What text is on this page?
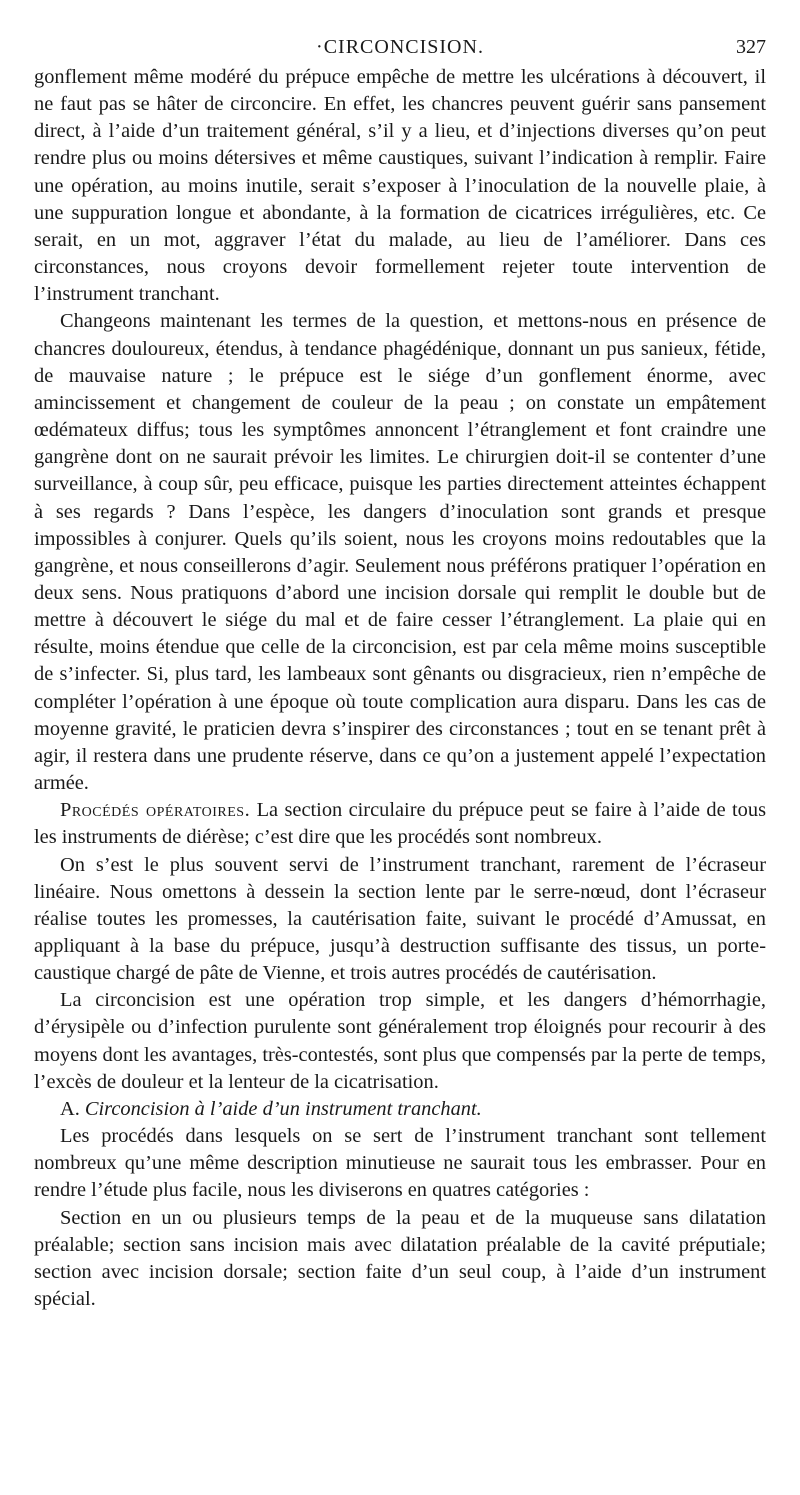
·CIRCONCISION.	327

gonflement même modéré du prépuce empêche de mettre les ulcérations à découvert, il ne faut pas se hâter de circoncire. En effet, les chancres peuvent guérir sans pansement direct, à l’aide d’un traitement général, s’il y a lieu, et d’injections diverses qu’on peut rendre plus ou moins détersives et même caustiques, suivant l’indication à remplir. Faire une opération, au moins inutile, serait s’exposer à l’inoculation de la nouvelle plaie, à une suppuration longue et abondante, à la formation de cicatrices irrégulières, etc. Ce serait, en un mot, aggraver l’état du malade, au lieu de l’améliorer. Dans ces circonstances, nous croyons devoir formellement rejeter toute intervention de l’instrument tranchant.

Changeons maintenant les termes de la question, et mettons-nous en présence de chancres douloureux, étendus, à tendance phagédénique, donnant un pus sanieux, fétide, de mauvaise nature ; le prépuce est le siége d’un gonflement énorme, avec amincissement et changement de couleur de la peau ; on constate un empâtement œdémateux diffus; tous les symptômes annoncent l’étranglement et font craindre une gangrène dont on ne saurait prévoir les limites. Le chirurgien doit-il se contenter d’une surveillance, à coup sûr, peu efficace, puisque les parties directement atteintes échappent à ses regards ? Dans l’espèce, les dangers d’inoculation sont grands et presque impossibles à conjurer. Quels qu’ils soient, nous les croyons moins redoutables que la gangrène, et nous conseillerons d’agir. Seulement nous préférons pratiquer l’opération en deux sens. Nous pratiquons d’abord une incision dorsale qui remplit le double but de mettre à découvert le siége du mal et de faire cesser l’étranglement. La plaie qui en résulte, moins étendue que celle de la circoncision, est par cela même moins susceptible de s’infecter. Si, plus tard, les lambeaux sont gênants ou disgracieux, rien n’empêche de compléter l’opération à une époque où toute complication aura disparu. Dans les cas de moyenne gravité, le praticien devra s’inspirer des circonstances ; tout en se tenant prêt à agir, il restera dans une prudente réserve, dans ce qu’on a justement appelé l’expectation armée.

Procédés opératoires. La section circulaire du prépuce peut se faire à l’aide de tous les instruments de diérèse; c’est dire que les procédés sont nombreux.

On s’est le plus souvent servi de l’instrument tranchant, rarement de l’écraseur linéaire. Nous omettons à dessein la section lente par le serre-nœud, dont l’écraseur réalise toutes les promesses, la cautérisation faite, suivant le procédé d’Amussat, en appliquant à la base du prépuce, jusqu’à destruction suffisante des tissus, un porte-caustique chargé de pâte de Vienne, et trois autres procédés de cautérisation.

La circoncision est une opération trop simple, et les dangers d’hémorrhagie, d’érysipèle ou d’infection purulente sont généralement trop éloignés pour recourir à des moyens dont les avantages, très-contestés, sont plus que compensés par la perte de temps, l’excès de douleur et la lenteur de la cicatrisation.

A. Circoncision à l’aide d’un instrument tranchant.

Les procédés dans lesquels on se sert de l’instrument tranchant sont tellement nombreux qu’une même description minutieuse ne saurait tous les embrasser. Pour en rendre l’étude plus facile, nous les diviserons en quatres catégories :

Section en un ou plusieurs temps de la peau et de la muqueuse sans dilatation préalable; section sans incision mais avec dilatation préalable de la cavité préputiale; section avec incision dorsale; section faite d’un seul coup, à l’aide d’un instrument spécial.
